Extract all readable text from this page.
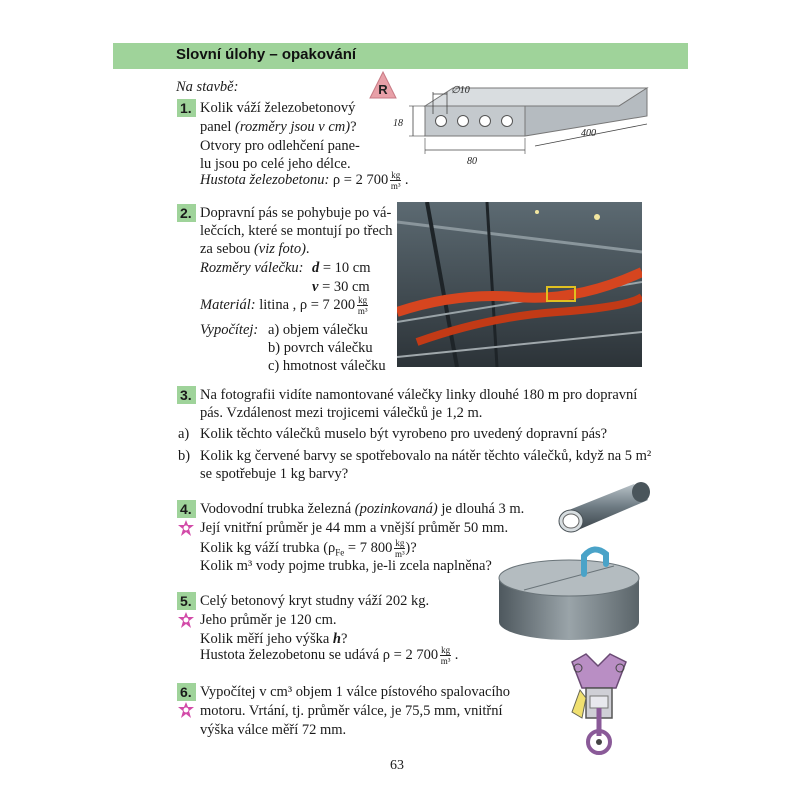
Slovní úlohy – opakování
Na stavbě:	R	∅10
18
80
400
1. Kolik váží železobetonový
panel (rozměry jsou v cm)?
Otvory pro odlehčení pane-
lu jsou po celé jeho délce.
Hustota železobetonu: ρ = 2 $700 \frac{kg}{\text{m³}}$ .
2. Dopravní pás se pohybuje po vá-
lečcích, které se montují po třech
za sebou (viz foto).
Rozměry válečku: d = 10 cm
v = 30 cm
Materiál: litina , ρ = 7 $200 \frac{kg}{\text{m³}}$
Vypočítej: a) objem válečku
b) povrch válečku
c) hmotnost válečku
3. Na fotografii vidíte namontované válečky linky dlouhé 180 m pro dopravní
pás. Vzdálenost mezi trojicemi válečků je 1,2 m.
a) Kolik těchto válečků muselo být vyrobeno pro uvedený dopravní pás?
b) Kolik kg červené barvy se spotřebovalo na nátěr těchto válečků, když na 5 m²
se spotřebuje 1 kg barvy?
4. Vodovodní trubka železná (pozinkovaná) je dlouhá 3 m.
Její vnitřní průměr je 44 mm a vnější průměr 50 mm.
Kolik kg váží trubka ($\rho_{Fe} = 7$ $800 \frac{kg}{\text{m³}}$ )?
Kolik m³ vody pojme trubka, je-li zcela naplněna?
5. Celý betonový kryt studny váží 202 kg.
Jeho průměr je 120 cm.
Kolik měří jeho výška h?
Hustota železobetonu se udává ρ = 2 $700 \frac{kg}{\text{m³}}$ .
6. Vypočítej v cm³ objem 1 válce pístového spalovacího
motoru. Vrtání, tj. průměr válce, je 75,5 mm, vnitřní
výška válce měří 72 mm.
63
